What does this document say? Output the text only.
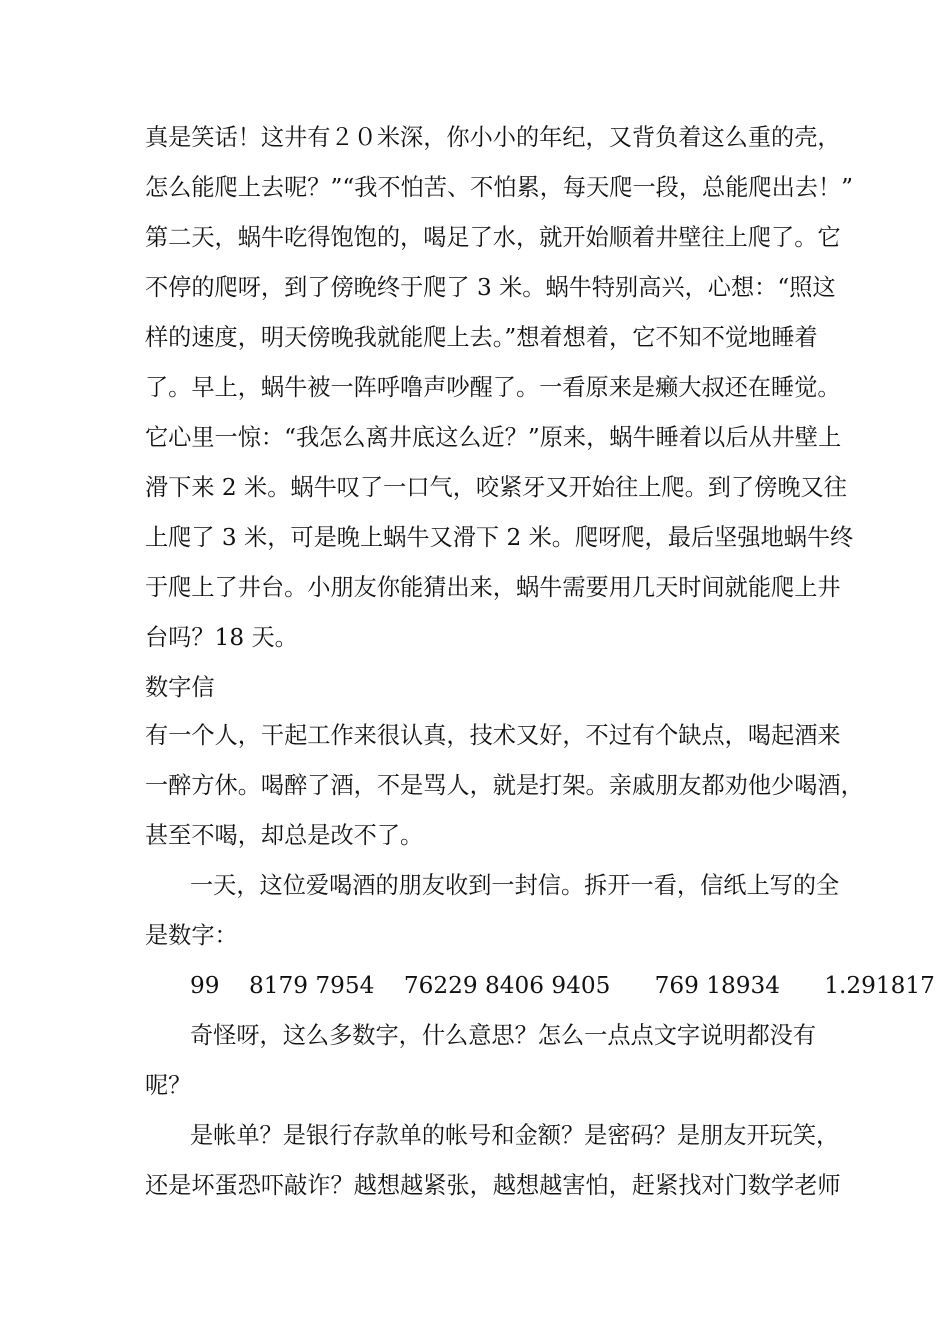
真是笑话！这井有２０米深，你小小的年纪，又背负着这么重的壳，
怎么能爬上去呢？”“我不怕苦、不怕累，每天爬一段，总能爬出去！”
第二天，蜗牛吃得饱饱的，喝足了水，就开始顺着井壁往上爬了。它
不停的爬呀，到了傍晚终于爬了 3 米。蜗牛特别高兴，心想：“照这
样的速度，明天傍晚我就能爬上去。”想着想着，它不知不觉地睡着
了。早上，蜗牛被一阵呼噜声吵醒了。一看原来是癞大叔还在睡觉。
它心里一惊：“我怎么离井底这么近？”原来，蜗牛睡着以后从井壁上
滑下来 2 米。蜗牛叹了一口气，咬紧牙又开始往上爬。到了傍晚又往
上爬了 3 米，可是晚上蜗牛又滑下 2 米。爬呀爬，最后坚强地蜗牛终
于爬上了井台。小朋友你能猜出来，蜗牛需要用几天时间就能爬上井
台吗？18 天。
数字信
有一个人，干起工作来很认真，技术又好，不过有个缺点，喝起酒来
一醉方休。喝醉了酒，不是骂人，就是打架。亲戚朋友都劝他少喝酒，
甚至不喝，却总是改不了。
一天，这位爱喝酒的朋友收到一封信。拆开一看，信纸上写的全
是数字：
99    8179 7954    76229 8406 9405      769 18934      1.291817
奇怪呀，这么多数字，什么意思？怎么一点点文字说明都没有
呢？
是帐单？是银行存款单的帐号和金额？是密码？是朋友开玩笑，
还是坏蛋恐吓敲诈？越想越紧张，越想越害怕，赶紧找对门数学老师
